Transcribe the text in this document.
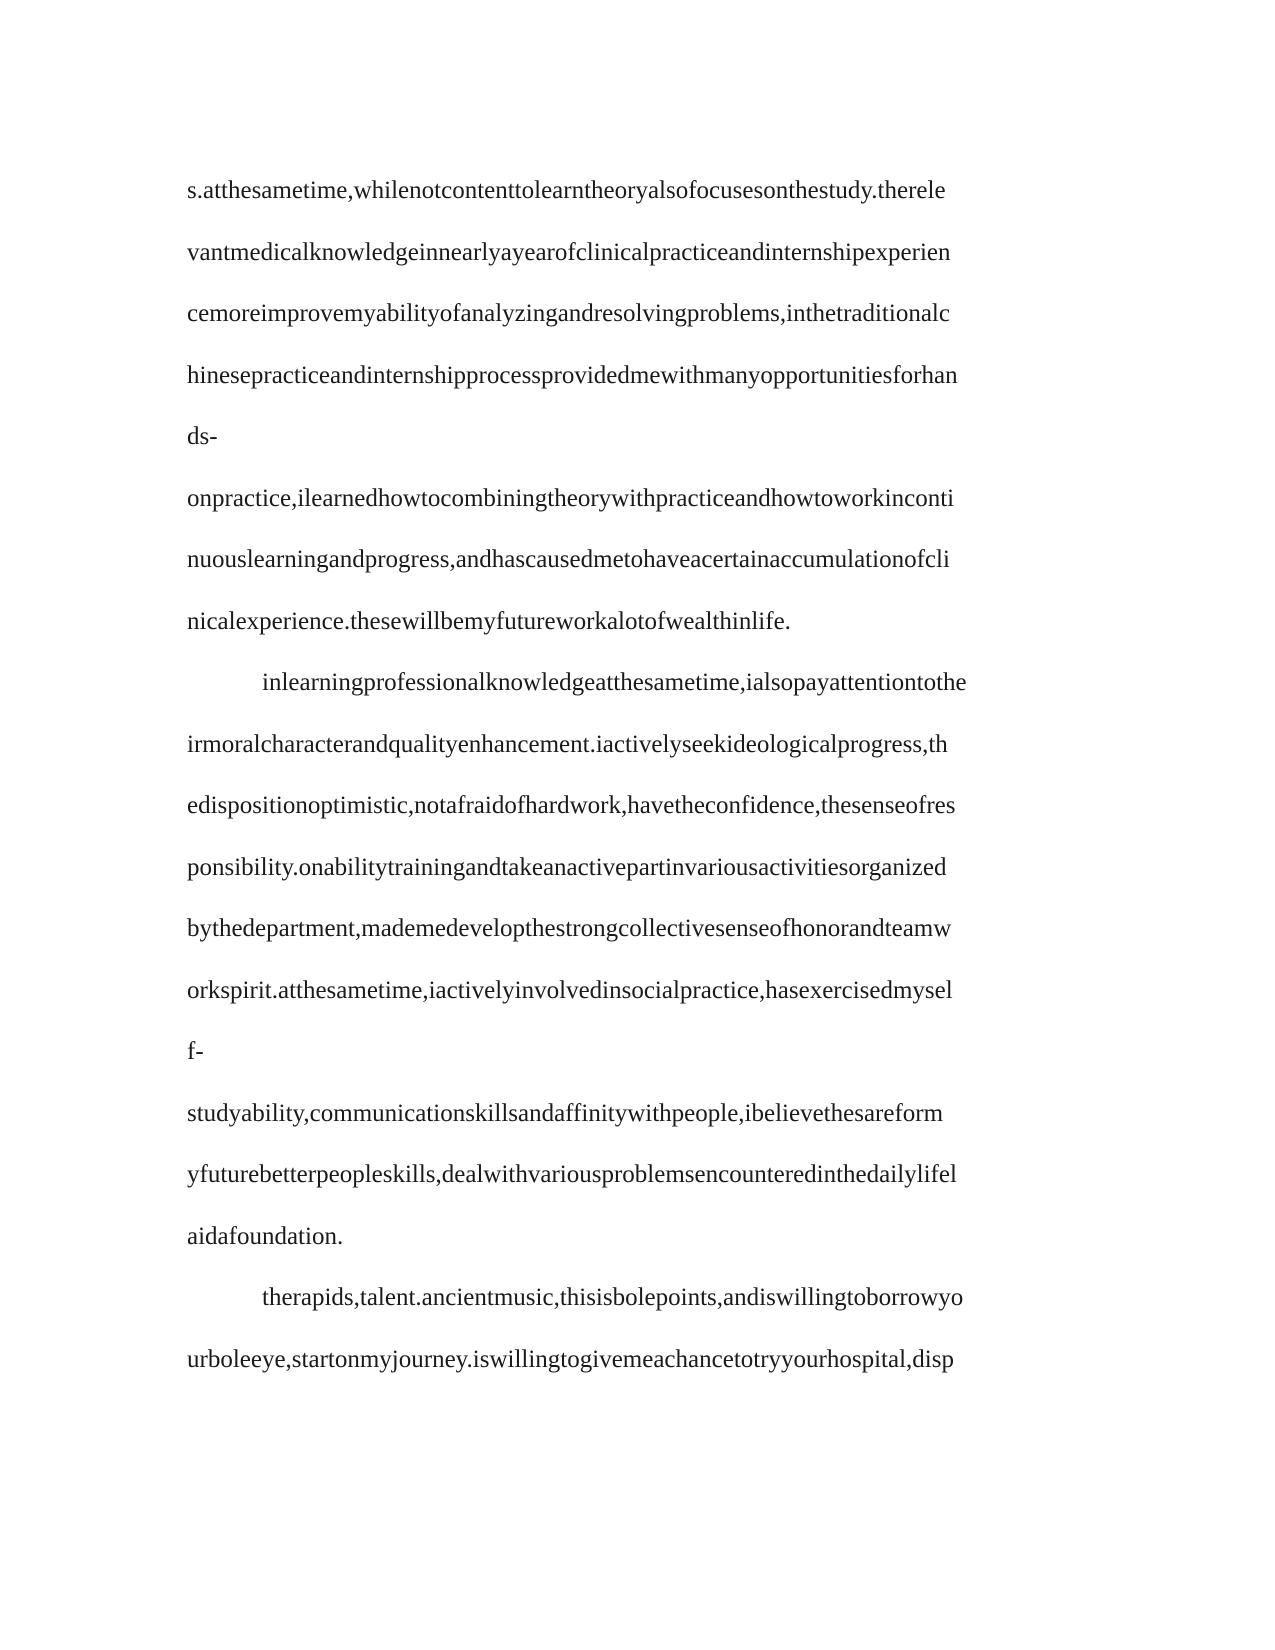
s.atthesametime,whilenotcontenttolearntheoryalsofocusesonthestudy.therele
vantmedicalknowledgeinnearlyayearofclinicalpracticeandinternshipexperien
cemoreimprovemyabilityofanalyzingandresolvingproblems,inthetraditionalc
hinesepracticeandinternshipprocessprovidedmewithmanyopportunitiesforhan
ds-
onpractice,ilearnedhowtocombiningtheorywithpracticeandhowtoworkinconti
nuouslearningandprogress,andhascausedmetohaveacertainaccumulationofcli
nicalexperience.thesewillbemyfutureworkalotofwealthinlife.
inlearningprofessionalknowledgeatthesametime,ialsopayattentiontothe
irmoralcharacterandqualityenhancement.iactivelyseekideologicalprogress,th
edispositionoptimistic,notafraidofhardwork,havetheconfidence,thesenseofres
ponsibility.onabilitytrainingandtakeanactivepartinvariousactivitiesorganized
bythedepartment,mademedevelopthestrongcollectivesenseofhonorandteamw
orkspirit.atthesametime,iactivelyinvolvedinsocialpractice,hasexercisedmysel
f-
studyability,communicationskillsandaffinitywithpeople,ibelievethesareform
yfuturebetterpeopleskills,dealwithvariousproblemsencounteredinthedailylifel
aidafoundation.
therapids,talent.ancientmusic,thisisbolepoints,andiswillingtoborrowyo
urboleeye,startonmyjourney.iswillingtogivemeachancetotryyourhospital,disp
